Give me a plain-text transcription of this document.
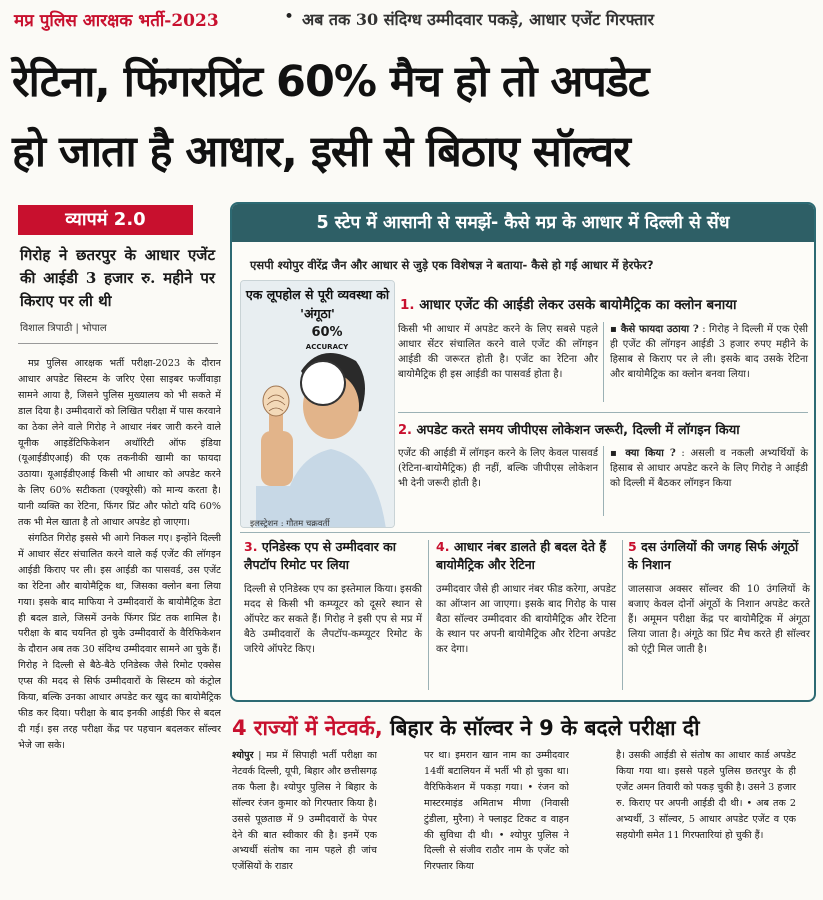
मप्र पुलिस आरक्षक भर्ती-2023	• अब तक 30 संदिग्ध उम्मीदवार पकड़े, आधार एजेंट गिरफ्तार
रेटिना, फिंगरप्रिंट 60% मैच हो तो अपडेट
हो जाता है आधार, इसी से बिठाए सॉल्वर
व्यापमं 2.0
गिरोह ने छतरपुर के आधार एजेंट की आईडी 3 हजार रु. महीने पर किराए पर ली थी
विशाल त्रिपाठी | भोपाल

मप्र पुलिस आरक्षक भर्ती परीक्षा-2023 के दौरान आधार अपडेट सिस्टम के जरिए ऐसा साइबर फर्जीवाड़ा सामने आया है, जिसने पुलिस मुख्यालय को भी सकते में डाल दिया है। उम्मीदवारों को लिखित परीक्षा में पास करवाने का ठेका लेने वाले गिरोह ने आधार नंबर जारी करने वाले यूनीक आइडेंटिफिकेशन अथॉरिटी ऑफ इंडिया (यूआईडीएआई) की एक तकनीकी खामी का फायदा उठाया। यूआईडीएआई किसी भी आधार को अपडेट करने के लिए 60% सटीकता (एक्यूरेसी) को मान्य करता है। यानी व्यक्ति का रेटिना, फिंगर प्रिंट और फोटो यदि 60% तक भी मेल खाता है तो आधार अपडेट हो जाएगा।

संगठित गिरोह इससे भी आगे निकल गए। इन्होंने दिल्ली में आधार सेंटर संचालित करने वाले कई एजेंट की लॉगइन आईडी किराए पर ली। इस आईडी का पासवर्ड, उस एजेंट का रेटिना और बायोमैट्रिक था, जिसका क्लोन बना लिया गया। इसके बाद माफिया ने उम्मीदवारों के बायोमैट्रिक डेटा ही बदल डाले, जिसमें उनके फिंगर प्रिंट तक शामिल है। परीक्षा के बाद चयनित हो चुके उम्मीदवारों के वैरिफिकेशन के दौरान अब तक 30 संदिग्ध उम्मीदवार सामने आ चुके हैं। गिरोह ने दिल्ली से बैठे-बैठे एनिडेस्क जैसे रिमोट एक्सेस एप्स की मदद से सिर्फ उम्मीदवारों के सिस्टम को कंट्रोल किया, बल्कि उनका आधार अपडेट कर खुद का बायोमैट्रिक फीड कर दिया। परीक्षा के बाद इनकी आईडी फिर से बदल दी गई। इस तरह परीक्षा केंद्र पर पहचान बदलकर सॉल्वर भेजे जा सके।

5 स्टेप में आसानी से समझें- कैसे मप्र के आधार में दिल्ली से सेंध
एसपी श्योपुर वीरेंद्र जैन और आधार से जुड़े एक विशेषज्ञ ने बताया- कैसे हो गई आधार में हेरफेर?
एक लूपहोल से पूरी व्यवस्था को 'अंगूठा'
60%
ACCURACY
इलस्ट्रेशन : गौतम चक्रवर्ती
1. आधार एजेंट की आईडी लेकर उसके बायोमैट्रिक का क्लोन बनाया
किसी भी आधार में अपडेट करने के लिए सबसे पहले आधार सेंटर संचालित करने वाले एजेंट की लॉगइन आईडी की जरूरत होती है। एजेंट का रेटिना और बायोमैट्रिक ही इस आईडी का पासवर्ड होता है।
▪ कैसे फायदा उठाया ? : गिरोह ने दिल्ली में एक ऐसी ही एजेंट की लॉगइन आईडी 3 हजार रुपए महीने के हिसाब से किराए पर ले ली। इसके बाद उसके रेटिना और बायोमैट्रिक का क्लोन बनवा लिया।
2. अपडेट करते समय जीपीएस लोकेशन जरूरी, दिल्ली में लॉगइन किया
एजेंट की आईडी में लॉगइन करने के लिए केवल पासवर्ड (रेटिना-बायोमैट्रिक) ही नहीं, बल्कि जीपीएस लोकेशन भी देनी जरूरी होती है।
▪ क्या किया ? : असली व नकली अभ्यर्थियों के हिसाब से आधार अपडेट करने के लिए गिरोह ने आईडी को दिल्ली में बैठकर लॉगइन किया
3. एनिडेस्क एप से उम्मीदवार का लैपटॉप रिमोट पर लिया
दिल्ली से एनिडेस्क एप का इस्तेमाल किया। इसकी मदद से किसी भी कम्प्यूटर को दूसरे स्थान से ऑपरेट कर सकते हैं। गिरोह ने इसी एप से मप्र में बैठे उम्मीदवारों के लैपटॉप-कम्प्यूटर रिमोट के जरिये ऑपरेट किए।
4. आधार नंबर डालते ही बदल देते हैं बायोमैट्रिक और रेटिना
उम्मीदवार जैसे ही आधार नंबर फीड करेगा, अपडेट का ऑप्शन आ जाएगा। इसके बाद गिरोह के पास बैठा सॉल्वर उम्मीदवार की बायोमैट्रिक और रेटिना के स्थान पर अपनी बायोमैट्रिक और रेटिना अपडेट कर देगा।
5 दस उंगलियों की जगह सिर्फ अंगूठों के निशान
जालसाज अक्सर सॉल्वर की 10 उंगलियों के बजाए केवल दोनों अंगूठों के निशान अपडेट करते हैं। अमूमन परीक्षा केंद्र पर बायोमैट्रिक में अंगूठा लिया जाता है। अंगूठे का प्रिंट मैच करते ही सॉल्वर को एंट्री मिल जाती है।
4 राज्यों में नेटवर्क, बिहार के सॉल्वर ने 9 के बदले परीक्षा दी
श्योपुर | मप्र में सिपाही भर्ती परीक्षा का नेटवर्क दिल्ली, यूपी, बिहार और छत्तीसगढ़ तक फैला है। श्योपुर पुलिस ने बिहार के सॉल्वर रंजन कुमार को गिरफ्तार किया है। उससे पूछताछ में 9 उम्मीदवारों के पेपर देने की बात स्वीकार की है। इनमें एक अभ्यर्थी संतोष का नाम पहले ही जांच एजेंसियों के राडार
पर था। इमरान खान नाम का उम्मीदवार 14वीं बटालियन में भर्ती भी हो चुका था। वैरिफिकेशन में पकड़ा गया। • रंजन को मास्टरमाइंड अमिताभ मीणा (निवासी टुंडीला, मुरैना) ने फ्लाइट टिकट व वाहन की सुविधा दी थी। • श्योपुर पुलिस ने दिल्ली से संजीव राठौर नाम के एजेंट को गिरफ्तार किया
है। उसकी आईडी से संतोष का आधार कार्ड अपडेट किया गया था। इससे पहले पुलिस छतरपुर के ही एजेंट अमन तिवारी को पकड़ चुकी है। उसने 3 हजार रु. किराए पर अपनी आईडी दी थी। • अब तक 2 अभ्यर्थी, 3 सॉल्वर, 5 आधार अपडेट एजेंट व एक सहयोगी समेत 11 गिरफ्तारियां हो चुकी हैं।
